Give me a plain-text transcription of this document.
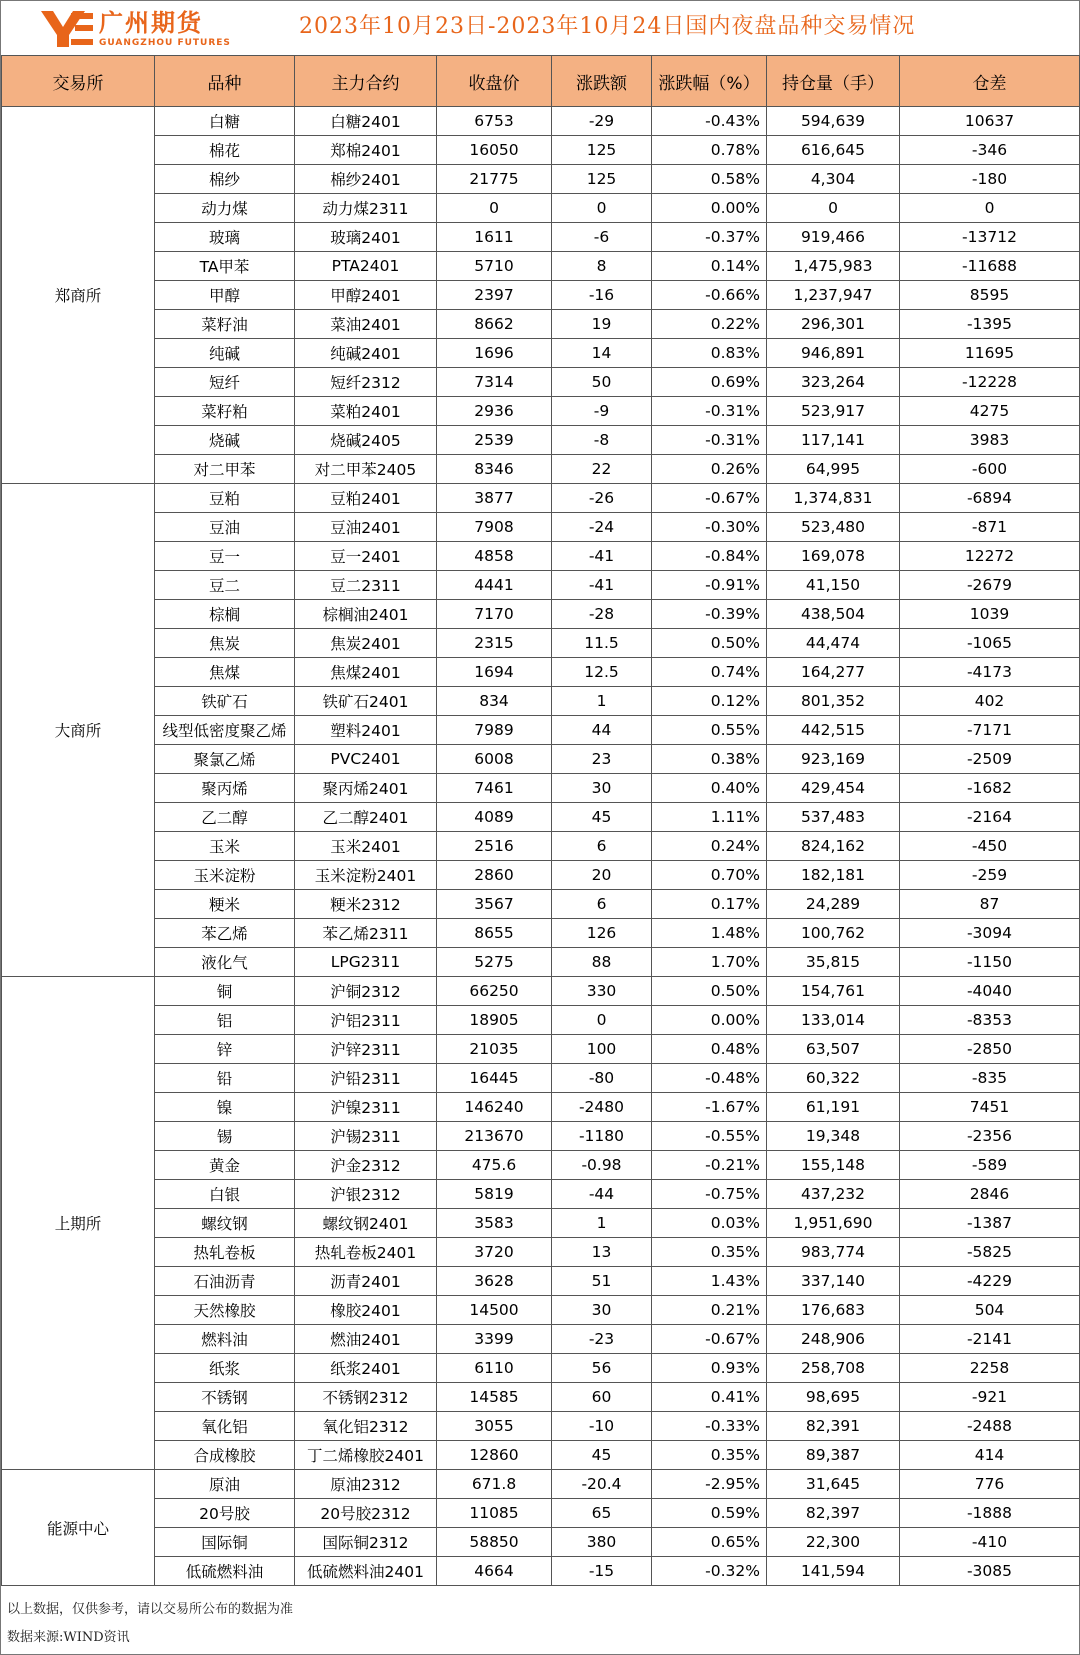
广州期货
GUANGZHOU FUTURES
2023年10月23日-2023年10月24日国内夜盘品种交易情况
交易所	品种	主力合约	收盘价	涨跌额	涨跌幅（%）	持仓量（手）	仓差
郑商所	白糖	白糖2401	6753	-29	-0.43%	594,639	10637
	棉花	郑棉2401	16050	125	0.78%	616,645	-346
	棉纱	棉纱2401	21775	125	0.58%	4,304	-180
	动力煤	动力煤2311	0	0	0.00%	0	0
	玻璃	玻璃2401	1611	-6	-0.37%	919,466	-13712
	TA甲苯	PTA2401	5710	8	0.14%	1,475,983	-11688
	甲醇	甲醇2401	2397	-16	-0.66%	1,237,947	8595
	菜籽油	菜油2401	8662	19	0.22%	296,301	-1395
	纯碱	纯碱2401	1696	14	0.83%	946,891	11695
	短纤	短纤2312	7314	50	0.69%	323,264	-12228
	菜籽粕	菜粕2401	2936	-9	-0.31%	523,917	4275
	烧碱	烧碱2405	2539	-8	-0.31%	117,141	3983
	对二甲苯	对二甲苯2405	8346	22	0.26%	64,995	-600
大商所	豆粕	豆粕2401	3877	-26	-0.67%	1,374,831	-6894
	豆油	豆油2401	7908	-24	-0.30%	523,480	-871
	豆一	豆一2401	4858	-41	-0.84%	169,078	12272
	豆二	豆二2311	4441	-41	-0.91%	41,150	-2679
	棕榈	棕榈油2401	7170	-28	-0.39%	438,504	1039
	焦炭	焦炭2401	2315	11.5	0.50%	44,474	-1065
	焦煤	焦煤2401	1694	12.5	0.74%	164,277	-4173
	铁矿石	铁矿石2401	834	1	0.12%	801,352	402
	线型低密度聚乙烯	塑料2401	7989	44	0.55%	442,515	-7171
	聚氯乙烯	PVC2401	6008	23	0.38%	923,169	-2509
	聚丙烯	聚丙烯2401	7461	30	0.40%	429,454	-1682
	乙二醇	乙二醇2401	4089	45	1.11%	537,483	-2164
	玉米	玉米2401	2516	6	0.24%	824,162	-450
	玉米淀粉	玉米淀粉2401	2860	20	0.70%	182,181	-259
	粳米	粳米2312	3567	6	0.17%	24,289	87
	苯乙烯	苯乙烯2311	8655	126	1.48%	100,762	-3094
	液化气	LPG2311	5275	88	1.70%	35,815	-1150
上期所	铜	沪铜2312	66250	330	0.50%	154,761	-4040
	铝	沪铝2311	18905	0	0.00%	133,014	-8353
	锌	沪锌2311	21035	100	0.48%	63,507	-2850
	铅	沪铅2311	16445	-80	-0.48%	60,322	-835
	镍	沪镍2311	146240	-2480	-1.67%	61,191	7451
	锡	沪锡2311	213670	-1180	-0.55%	19,348	-2356
	黄金	沪金2312	475.6	-0.98	-0.21%	155,148	-589
	白银	沪银2312	5819	-44	-0.75%	437,232	2846
	螺纹钢	螺纹钢2401	3583	1	0.03%	1,951,690	-1387
	热轧卷板	热轧卷板2401	3720	13	0.35%	983,774	-5825
	石油沥青	沥青2401	3628	51	1.43%	337,140	-4229
	天然橡胶	橡胶2401	14500	30	0.21%	176,683	504
	燃料油	燃油2401	3399	-23	-0.67%	248,906	-2141
	纸浆	纸浆2401	6110	56	0.93%	258,708	2258
	不锈钢	不锈钢2312	14585	60	0.41%	98,695	-921
	氧化铝	氧化铝2312	3055	-10	-0.33%	82,391	-2488
	合成橡胶	丁二烯橡胶2401	12860	45	0.35%	89,387	414
能源中心	原油	原油2312	671.8	-20.4	-2.95%	31,645	776
	20号胶	20号胶2312	11085	65	0.59%	82,397	-1888
	国际铜	国际铜2312	58850	380	0.65%	22,300	-410
	低硫燃料油	低硫燃料油2401	4664	-15	-0.32%	141,594	-3085
以上数据，仅供参考，请以交易所公布的数据为准
数据来源:WIND资讯
